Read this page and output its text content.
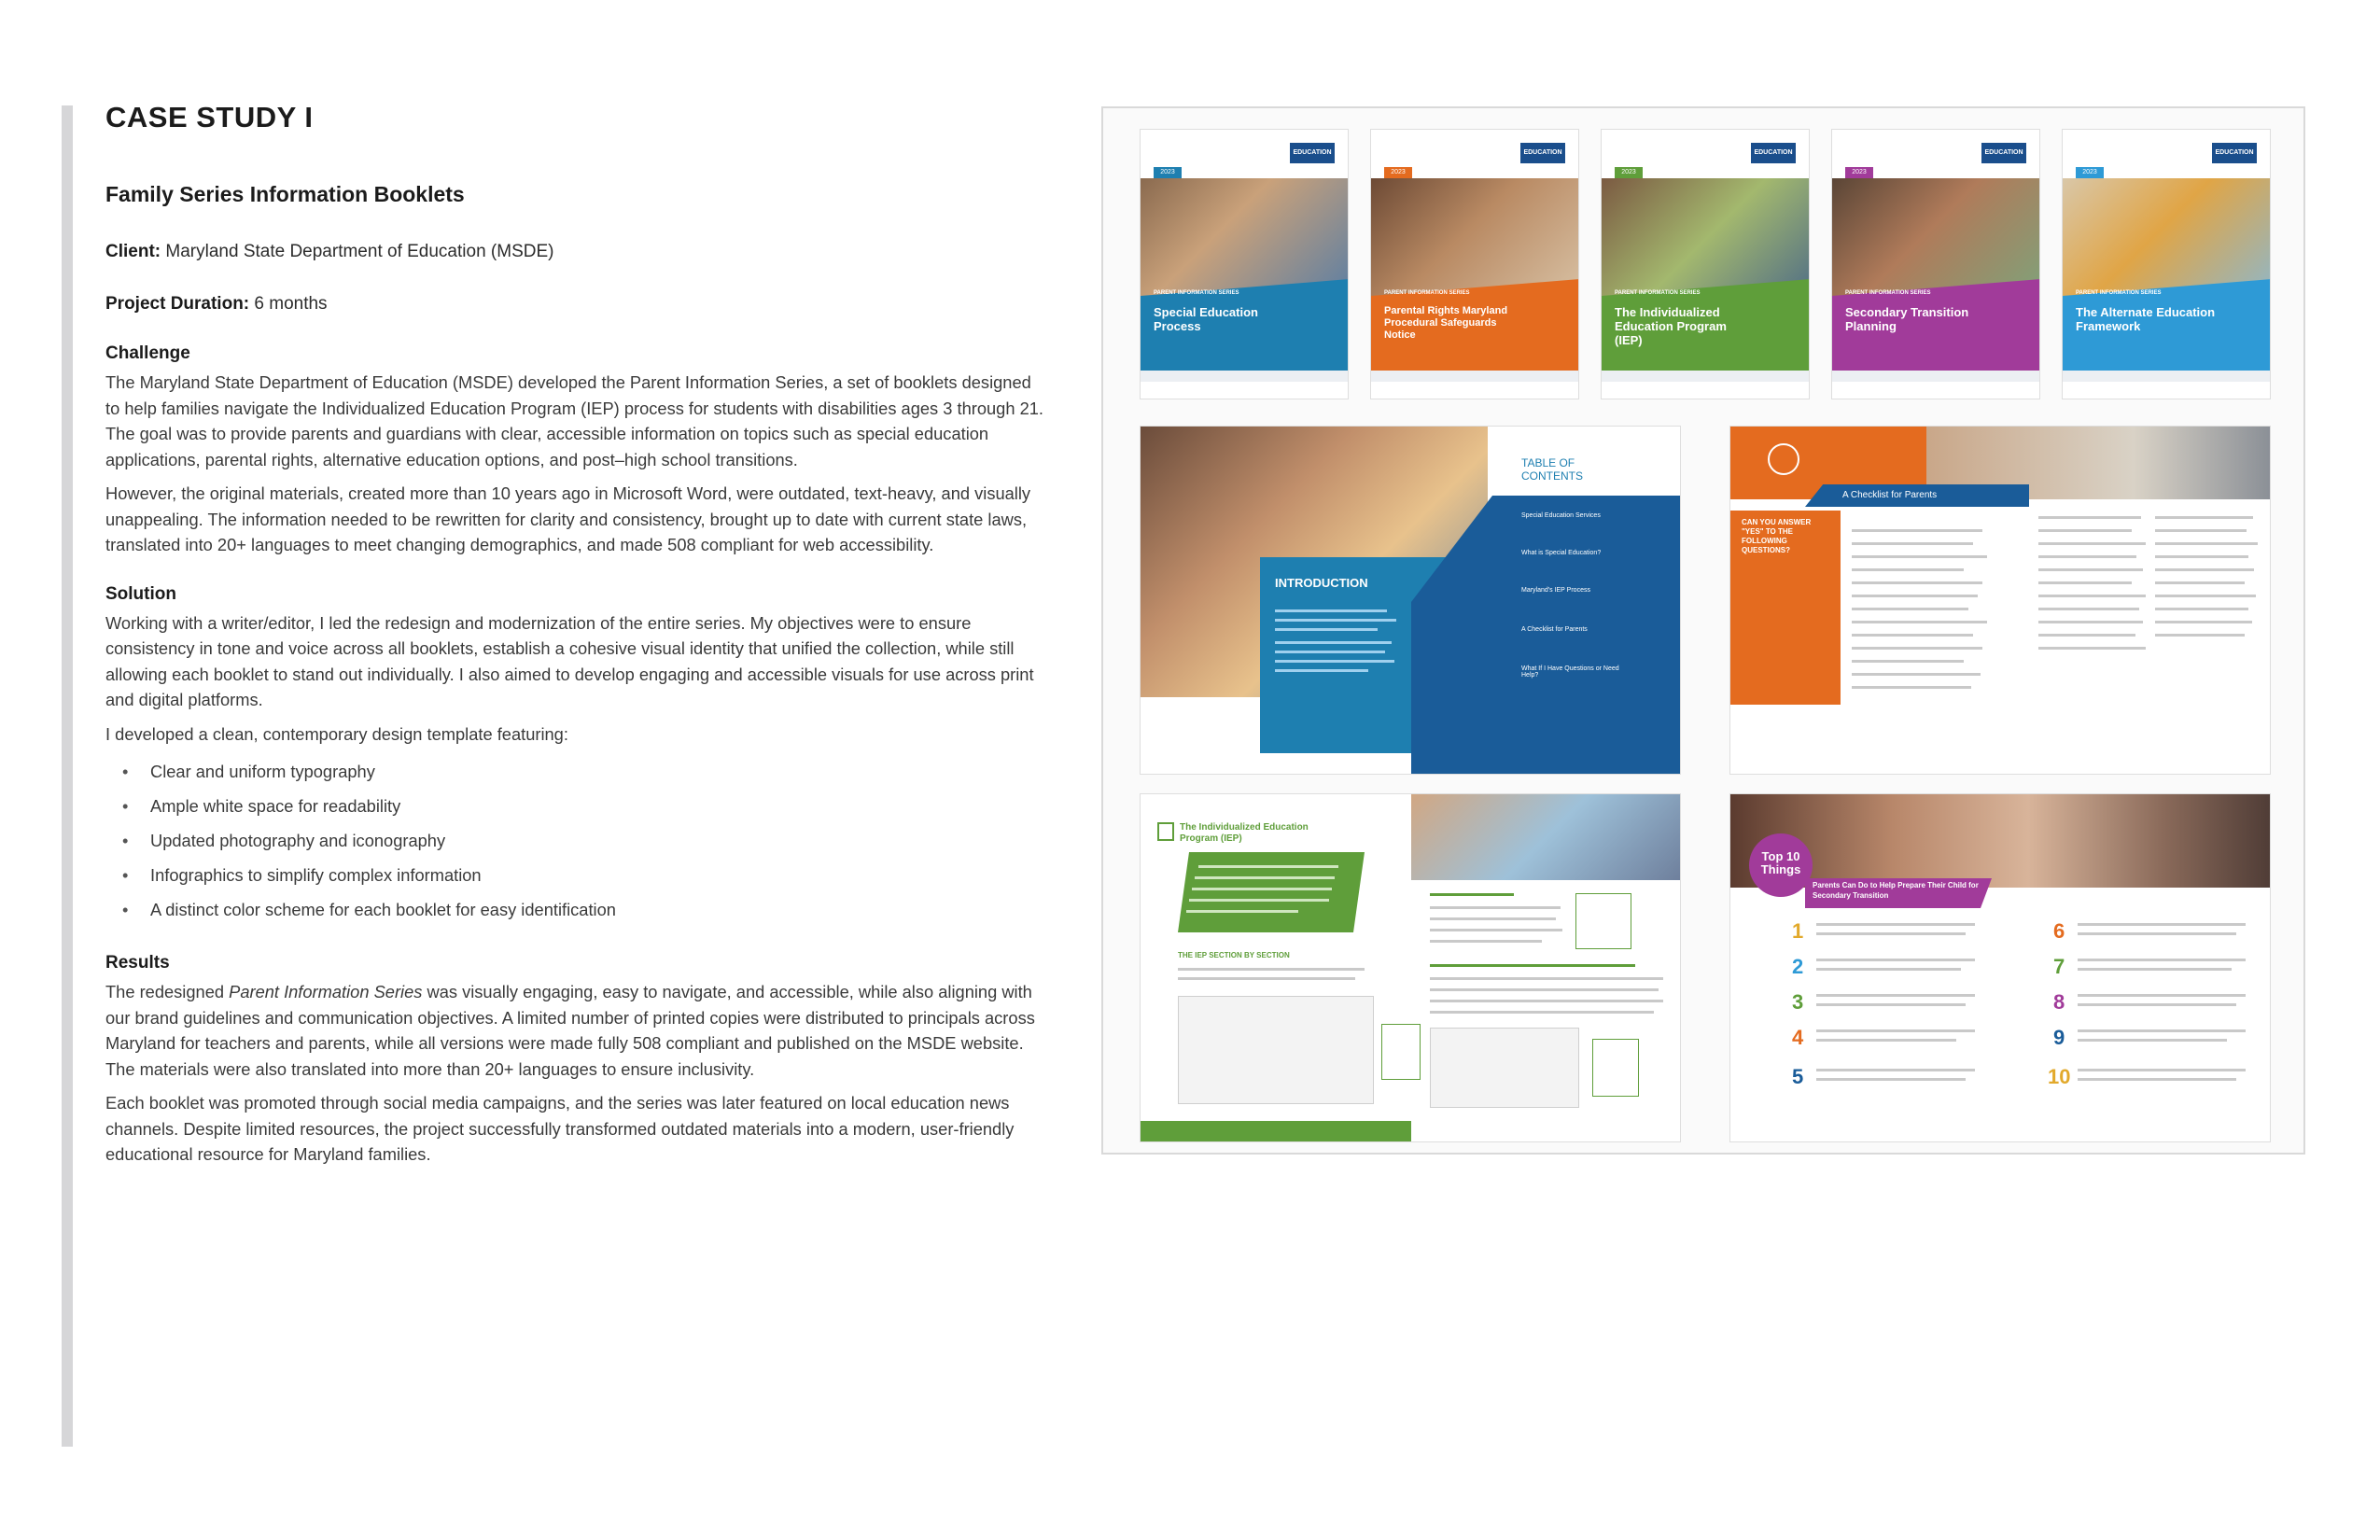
CASE STUDY I
Family Series Information Booklets
Client: Maryland State Department of Education (MSDE)
Project Duration: 6 months
Challenge

The Maryland State Department of Education (MSDE) developed the Parent Information Series, a set of booklets designed to help families navigate the Individualized Education Program (IEP) process for students with disabilities ages 3 through 21. The goal was to provide parents and guardians with clear, accessible information on topics such as special education applications, parental rights, alternative education options, and post–high school transitions.

However, the original materials, created more than 10 years ago in Microsoft Word, were outdated, text-heavy, and visually unappealing. The information needed to be rewritten for clarity and consistency, brought up to date with current state laws, translated into 20+ languages to meet changing demographics, and made 508 compliant for web accessibility.

Solution

Working with a writer/editor, I led the redesign and modernization of the entire series. My objectives were to ensure consistency in tone and voice across all booklets, establish a cohesive visual identity that unified the collection, while still allowing each booklet to stand out individually. I also aimed to develop engaging and accessible visuals for use across print and digital platforms.

I developed a clean, contemporary design template featuring:

• Clear and uniform typography
• Ample white space for readability
• Updated photography and iconography
• Infographics to simplify complex information
• A distinct color scheme for each booklet for easy identification
Results

The redesigned Parent Information Series was visually engaging, easy to navigate, and accessible, while also aligning with our brand guidelines and communication objectives. A limited number of printed copies were distributed to principals across Maryland for teachers and parents, while all versions were made fully 508 compliant and published on the MSDE website. The materials were also translated into more than 20+ languages to ensure inclusivity.

Each booklet was promoted through social media campaigns, and the series was later featured on local education news channels. Despite limited resources, the project successfully transformed outdated materials into a modern, user-friendly educational resource for Maryland families.

EDUCATION
2023
PARENT INFORMATION SERIES
Special Education Process
EDUCATION
2023
PARENT INFORMATION SERIES
Parental Rights Maryland Procedural Safeguards Notice
EDUCATION
2023
PARENT INFORMATION SERIES
The Individualized Education Program (IEP)
EDUCATION
2023
PARENT INFORMATION SERIES
Secondary Transition Planning
EDUCATION
2023
PARENT INFORMATION SERIES
The Alternate Education Framework
INTRODUCTION
TABLE OF CONTENTS
Special Education Services
What is Special Education?
Maryland's IEP Process
A Checklist for Parents
What If I Have Questions or Need Help?
A Checklist for Parents
CAN YOU ANSWER "YES" TO THE FOLLOWING QUESTIONS?
The Individualized Education Program (IEP)
THE IEP SECTION BY SECTION
Top 10 Things
Parents Can Do to Help Prepare Their Child for Secondary Transition
1
2
3
4
5
6
7
8
9
10
